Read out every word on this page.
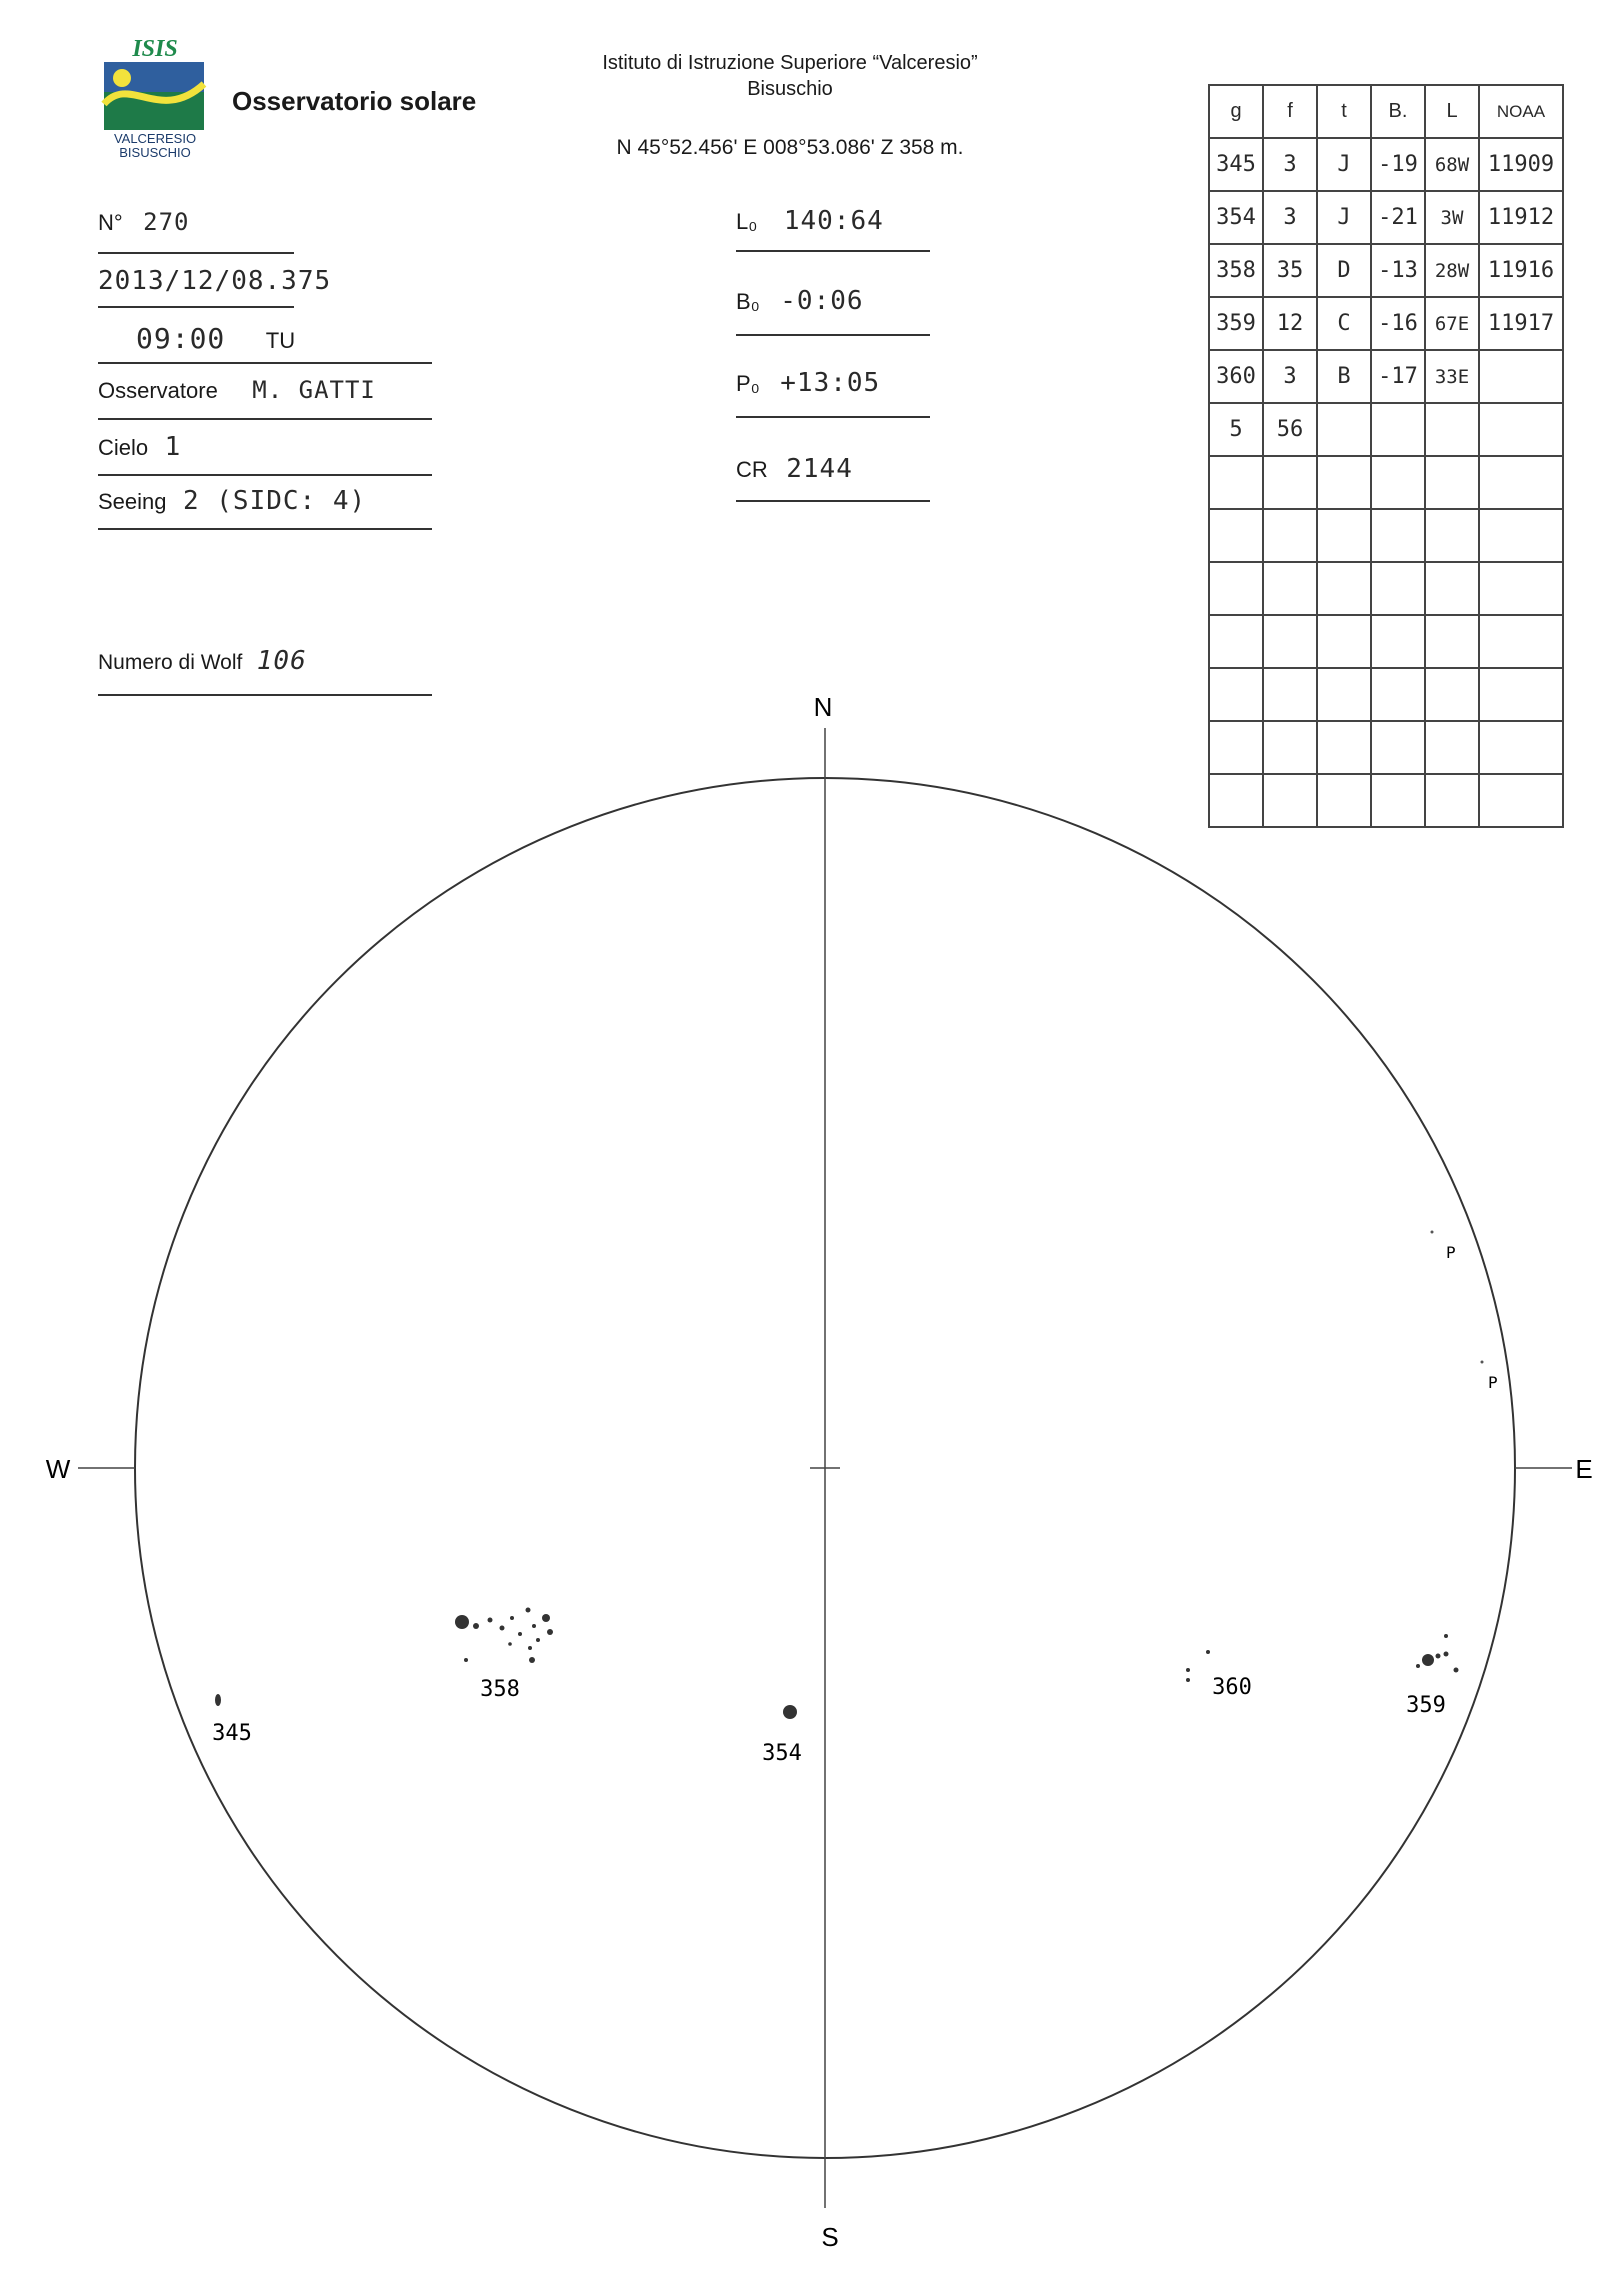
ISIS
VALCERESIO
BISUSCHIO
Osservatorio solare
Istituto di Istruzione Superiore “Valceresio”
Bisuschio
N 45°52.456' E 008°53.086' Z 358 m.
N° 270
2013/12/08.375
09:00 TU
Osservatore M. GATTI
Cielo 1
Seeing 2 (SIDC: 4)
Numero di Wolf 106
L₀ 140:64
B₀ -0:06
P₀ +13:05
CR 2144
g	f	t	B.	L	NOAA
345	3	J	-19	68W	11909
354	3	J	-21	3W	11912
358	35	D	-13	28W	11916
359	12	C	-16	67E	11917
360	3	B	-17	33E	
5	56				

N
S
W	E
358
345
354
360
359
P
P
